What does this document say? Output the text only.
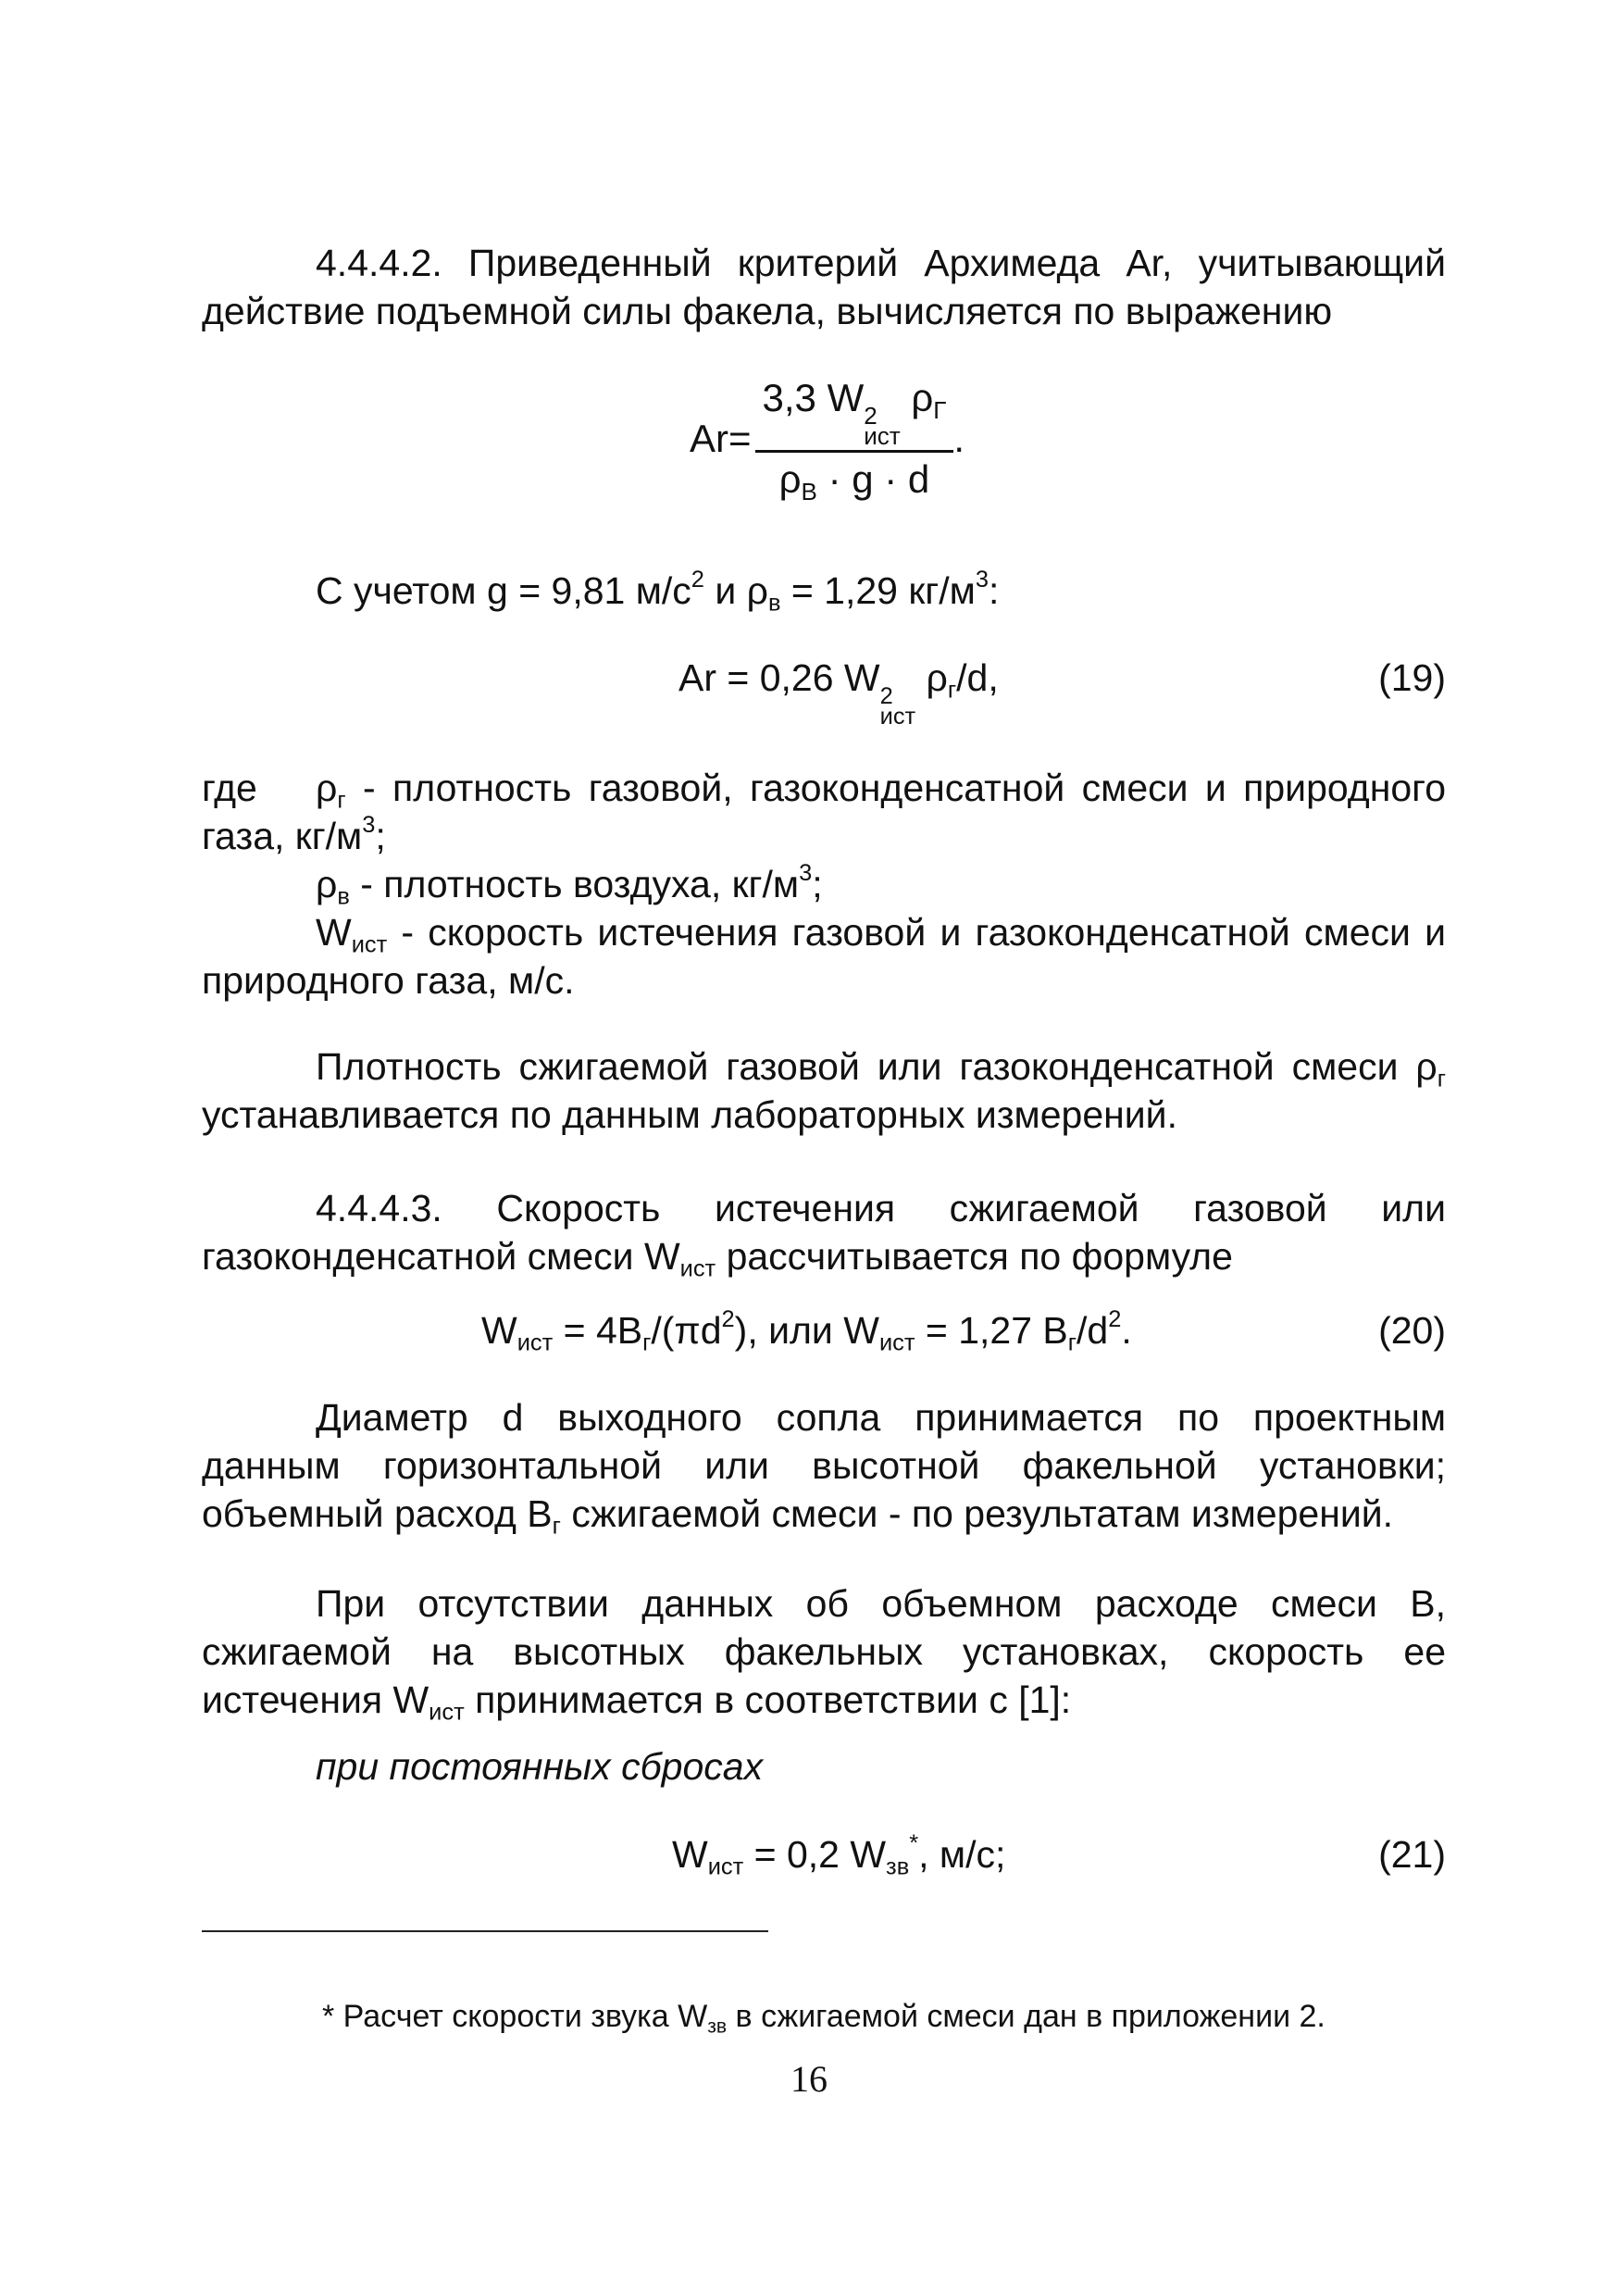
4.4.4.2. Приведенный критерий Архимеда Ar, учитывающий действие подъемной силы факела, вычисляется по выражению

Ar= 3,3 W 2
ист
$\rho_Г$
$\rho_В \cdot g \cdot d$ .

С учетом g = 9,81 $м/с^2$ и $\rho_в = 1,29$ $кг/м^3$:

Ar = 0,26 W 2
ист
$\rho_г/d$,	(19)

где $\rho_г$ - плотность газовой, газоконденсатной смеси и природного

газа, $кг/м^3$;

$\rho_в$ - плотность воздуха, $кг/м^3$;

$W_{ист}$ - скорость истечения газовой и газоконденсатной смеси и

природного газа, м/с.

Плотность сжигаемой газовой или газоконденсатной смеси $\rho_г$ устанавливается по данным лабораторных измерений.

4.4.4.3. Скорость истечения сжигаемой газовой или газоконденсатной смеси $W_{ист}$ рассчитывается по формуле

$W_{ист} = 4B_г/(\pi d^2)$, или $W_{ист} = 1,27$ $B_г/d^2$.	(20)

Диаметр d выходного сопла принимается по проектным данным горизонтальной или высотной факельной установки; объемный расход $B_г$ сжигаемой смеси - по результатам измерений.

При отсутствии данных об объемном расходе смеси B, сжигаемой на высотных факельных установках, скорость ее истечения $W_{ист}$ принимается в соответствии с [1]:

при постоянных сбросах

$W_{ист} = 0,2$ $W_{зв}^*$, м/с;	(21)

* Расчет скорости звука $W_{зв}$ в сжигаемой смеси дан в приложении 2.

16
